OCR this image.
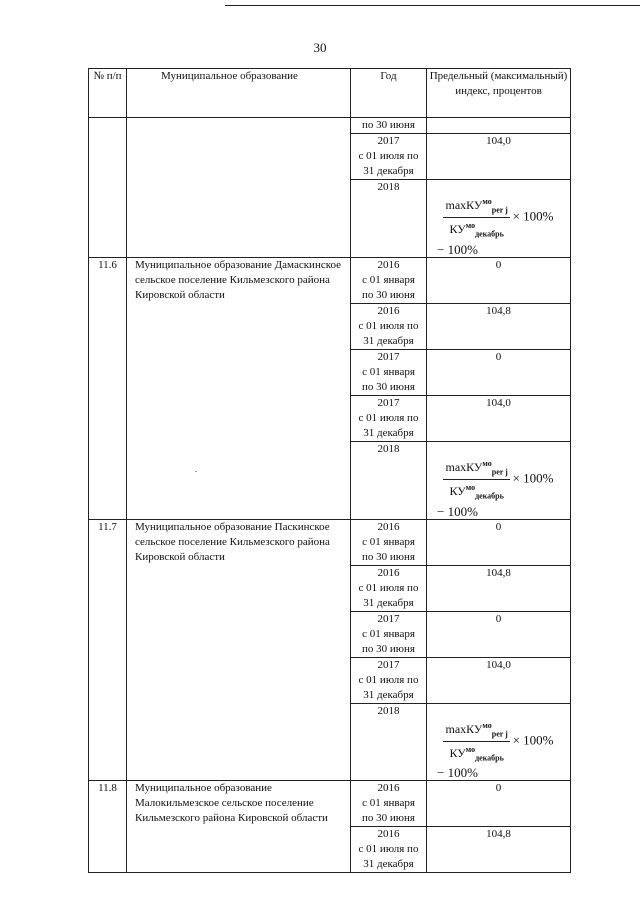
30
№ п/п	Муниципальное образование	Год	Предельный (максимальный) индекс, процентов

		по 30 июня	

		2017
с 01 июля по
31 декабря	104,0

		2018	$\frac{\max КУ^{мо}_{per j}}{КУ^{мо}_{декабрь}} \times 100\%$
− 100%

11.6	Муниципальное образование Дамаскинское сельское поселение Кильмезского района Кировской области	2016
с 01 января
по 30 июня	0

		2016
с 01 июля по
31 декабря	104,8

		2017
с 01 января
по 30 июня	0

		2017
с 01 июля по
31 декабря	104,0

		2018	$\frac{\max КУ^{мо}_{per j}}{КУ^{мо}_{декабрь}} \times 100\%$
− 100%

11.7	Муниципальное образование Паскинское сельское поселение Кильмезского района Кировской области	2016
с 01 января
по 30 июня	0

		2016
с 01 июля по
31 декабря	104,8

		2017
с 01 января
по 30 июня	0

		2017
с 01 июля по
31 декабря	104,0

		2018	$\frac{\max КУ^{мо}_{per j}}{КУ^{мо}_{декабрь}} \times 100\%$
− 100%

11.8	Муниципальное образование Малокильмезское сельское поселение Кильмезского района Кировской области	2016
с 01 января
по 30 июня	0

		2016
с 01 июля по
31 декабря	104,8
